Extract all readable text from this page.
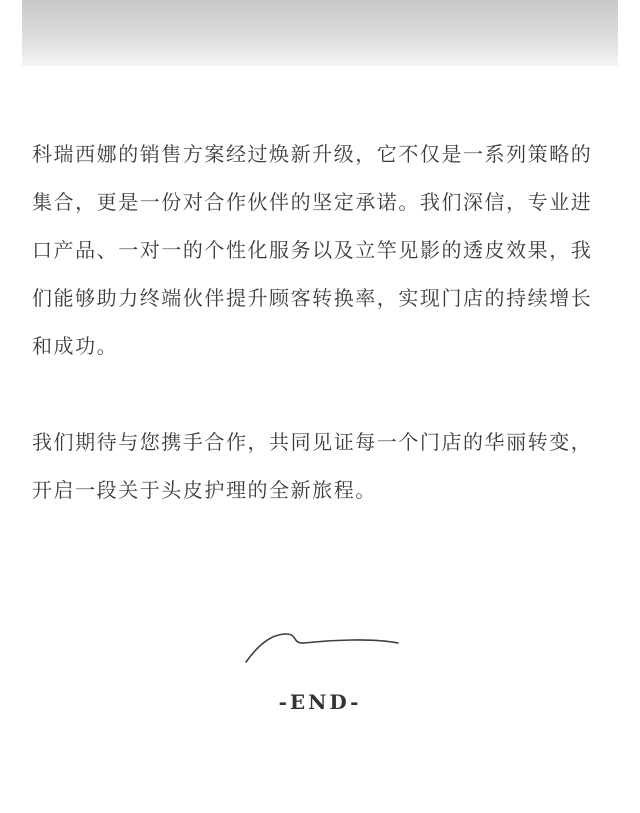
科瑞西娜的销售方案经过焕新升级，它不仅是一系列策略的集合，更是一份对合作伙伴的坚定承诺。我们深信，专业进口产品、一对一的个性化服务以及立竿见影的透皮效果，我们能够助力终端伙伴提升顾客转换率，实现门店的持续增长和成功。

我们期待与您携手合作，共同见证每一个门店的华丽转变，开启一段关于头皮护理的全新旅程。

-END-
